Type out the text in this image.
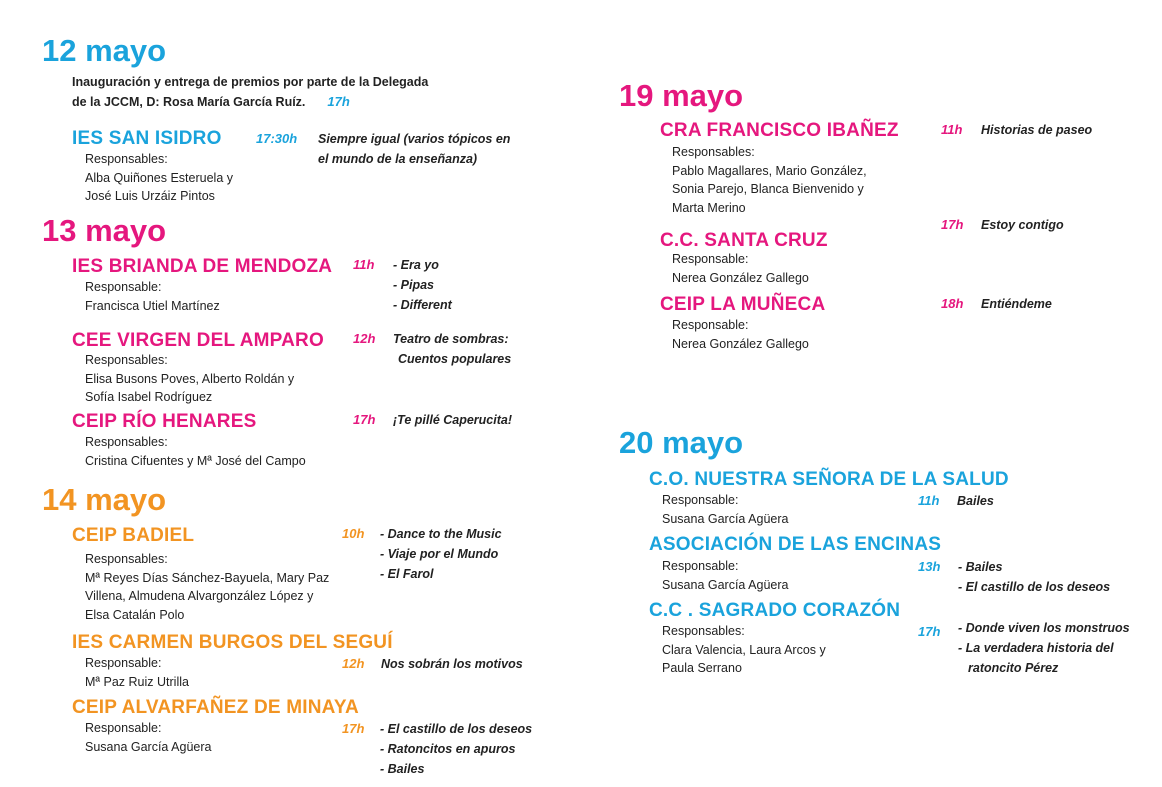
12 mayo
Inauguración y entrega de premios por parte de la Delegada
de la JCCM, D: Rosa María García Ruíz. 17h
IES SAN ISIDRO
Responsables:
Alba Quiñones Esteruela y
José Luis Urzáiz Pintos
17:30h Siempre igual (varios tópicos en
el mundo de la enseñanza)
13 mayo
IES BRIANDA DE MENDOZA
Responsable:
Francisca Utiel Martínez
11h - Era yo
- Pipas
- Different
CEE VIRGEN DEL AMPARO
Responsables:
Elisa Busons Poves, Alberto Roldán y
Sofía Isabel Rodríguez
12h Teatro de sombras:
Cuentos populares
CEIP RÍO HENARES
Responsables:
Cristina Cifuentes y Mª José del Campo
17h ¡Te pillé Caperucita!
14 mayo
CEIP BADIEL
Responsables:
Mª Reyes Días Sánchez-Bayuela, Mary Paz
Villena, Almudena Alvargonzález López y
Elsa Catalán Polo
10h - Dance to the Music
- Viaje por el Mundo
- El Farol
IES CARMEN BURGOS DEL SEGUÍ
Responsable:
Mª Paz Ruiz Utrilla
12h Nos sobrán los motivos
CEIP ALVARFAÑEZ DE MINAYA
Responsable:
Susana García Agüera
17h - El castillo de los deseos
- Ratoncitos en apuros
- Bailes
19 mayo
CRA FRANCISCO IBAÑEZ
Responsables:
Pablo Magallares, Mario González,
Sonia Parejo, Blanca Bienvenido y
Marta Merino
11h Historias de paseo
17h Estoy contigo
C.C. SANTA CRUZ
Responsable:
Nerea González Gallego
CEIP LA MUÑECA
Responsable:
Nerea González Gallego
18h Entiéndeme
20 mayo
C.O. NUESTRA SEÑORA DE LA SALUD
Responsable:
Susana García Agüera
11h Bailes
ASOCIACIÓN DE LAS ENCINAS
Responsable:
Susana García Agüera
13h - Bailes
- El castillo de los deseos
C.C . SAGRADO CORAZÓN
Responsables:
Clara Valencia, Laura Arcos y
Paula Serrano
17h - Donde viven los monstruos
- La verdadera historia del
ratoncito Pérez
